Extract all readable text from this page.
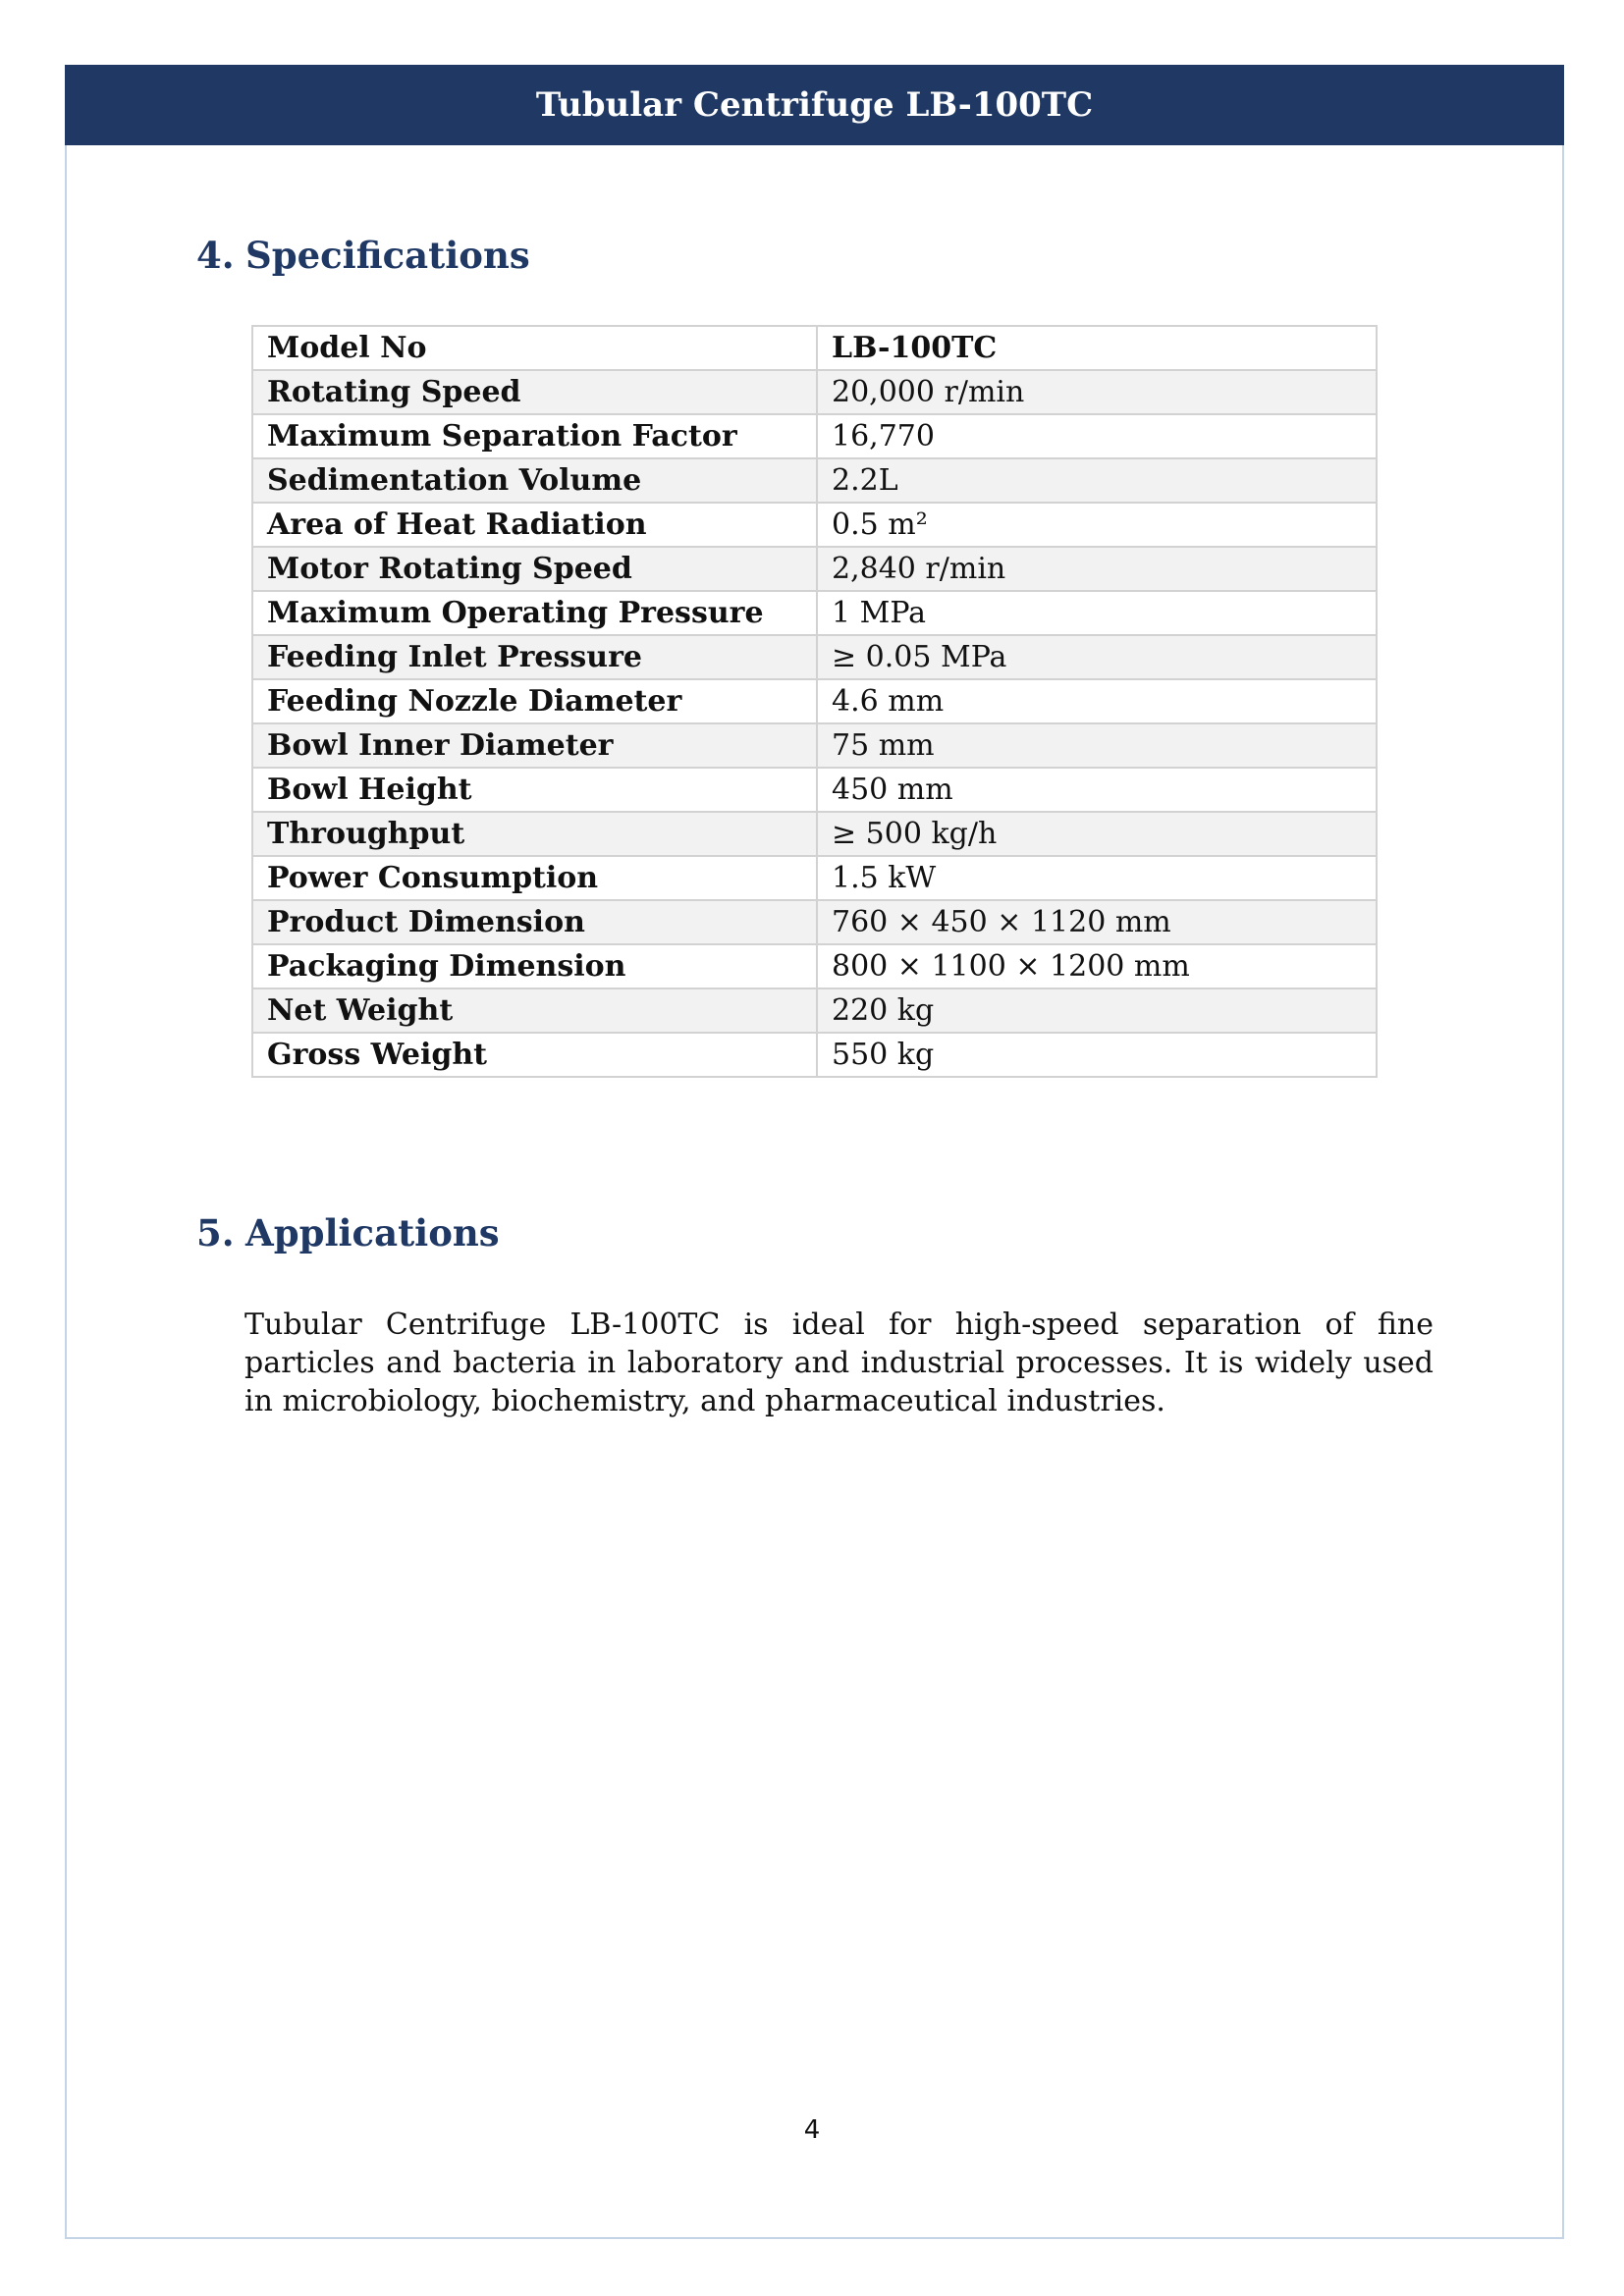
Tubular Centrifuge LB-100TC
4. Specifications
Model No	LB-100TC
Rotating Speed	20,000 r/min
Maximum Separation Factor	16,770
Sedimentation Volume	2.2L
Area of Heat Radiation	0.5 m²
Motor Rotating Speed	2,840 r/min
Maximum Operating Pressure	1 MPa
Feeding Inlet Pressure	≥ 0.05 MPa
Feeding Nozzle Diameter	4.6 mm
Bowl Inner Diameter	75 mm
Bowl Height	450 mm
Throughput	≥ 500 kg/h
Power Consumption	1.5 kW
Product Dimension	760 × 450 × 1120 mm
Packaging Dimension	800 × 1100 × 1200 mm
Net Weight	220 kg
Gross Weight	550 kg
5. Applications

Tubular Centrifuge LB-100TC is ideal for high-speed separation of fine particles and bacteria in laboratory and industrial processes. It is widely used in microbiology, biochemistry, and pharmaceutical industries.

4
